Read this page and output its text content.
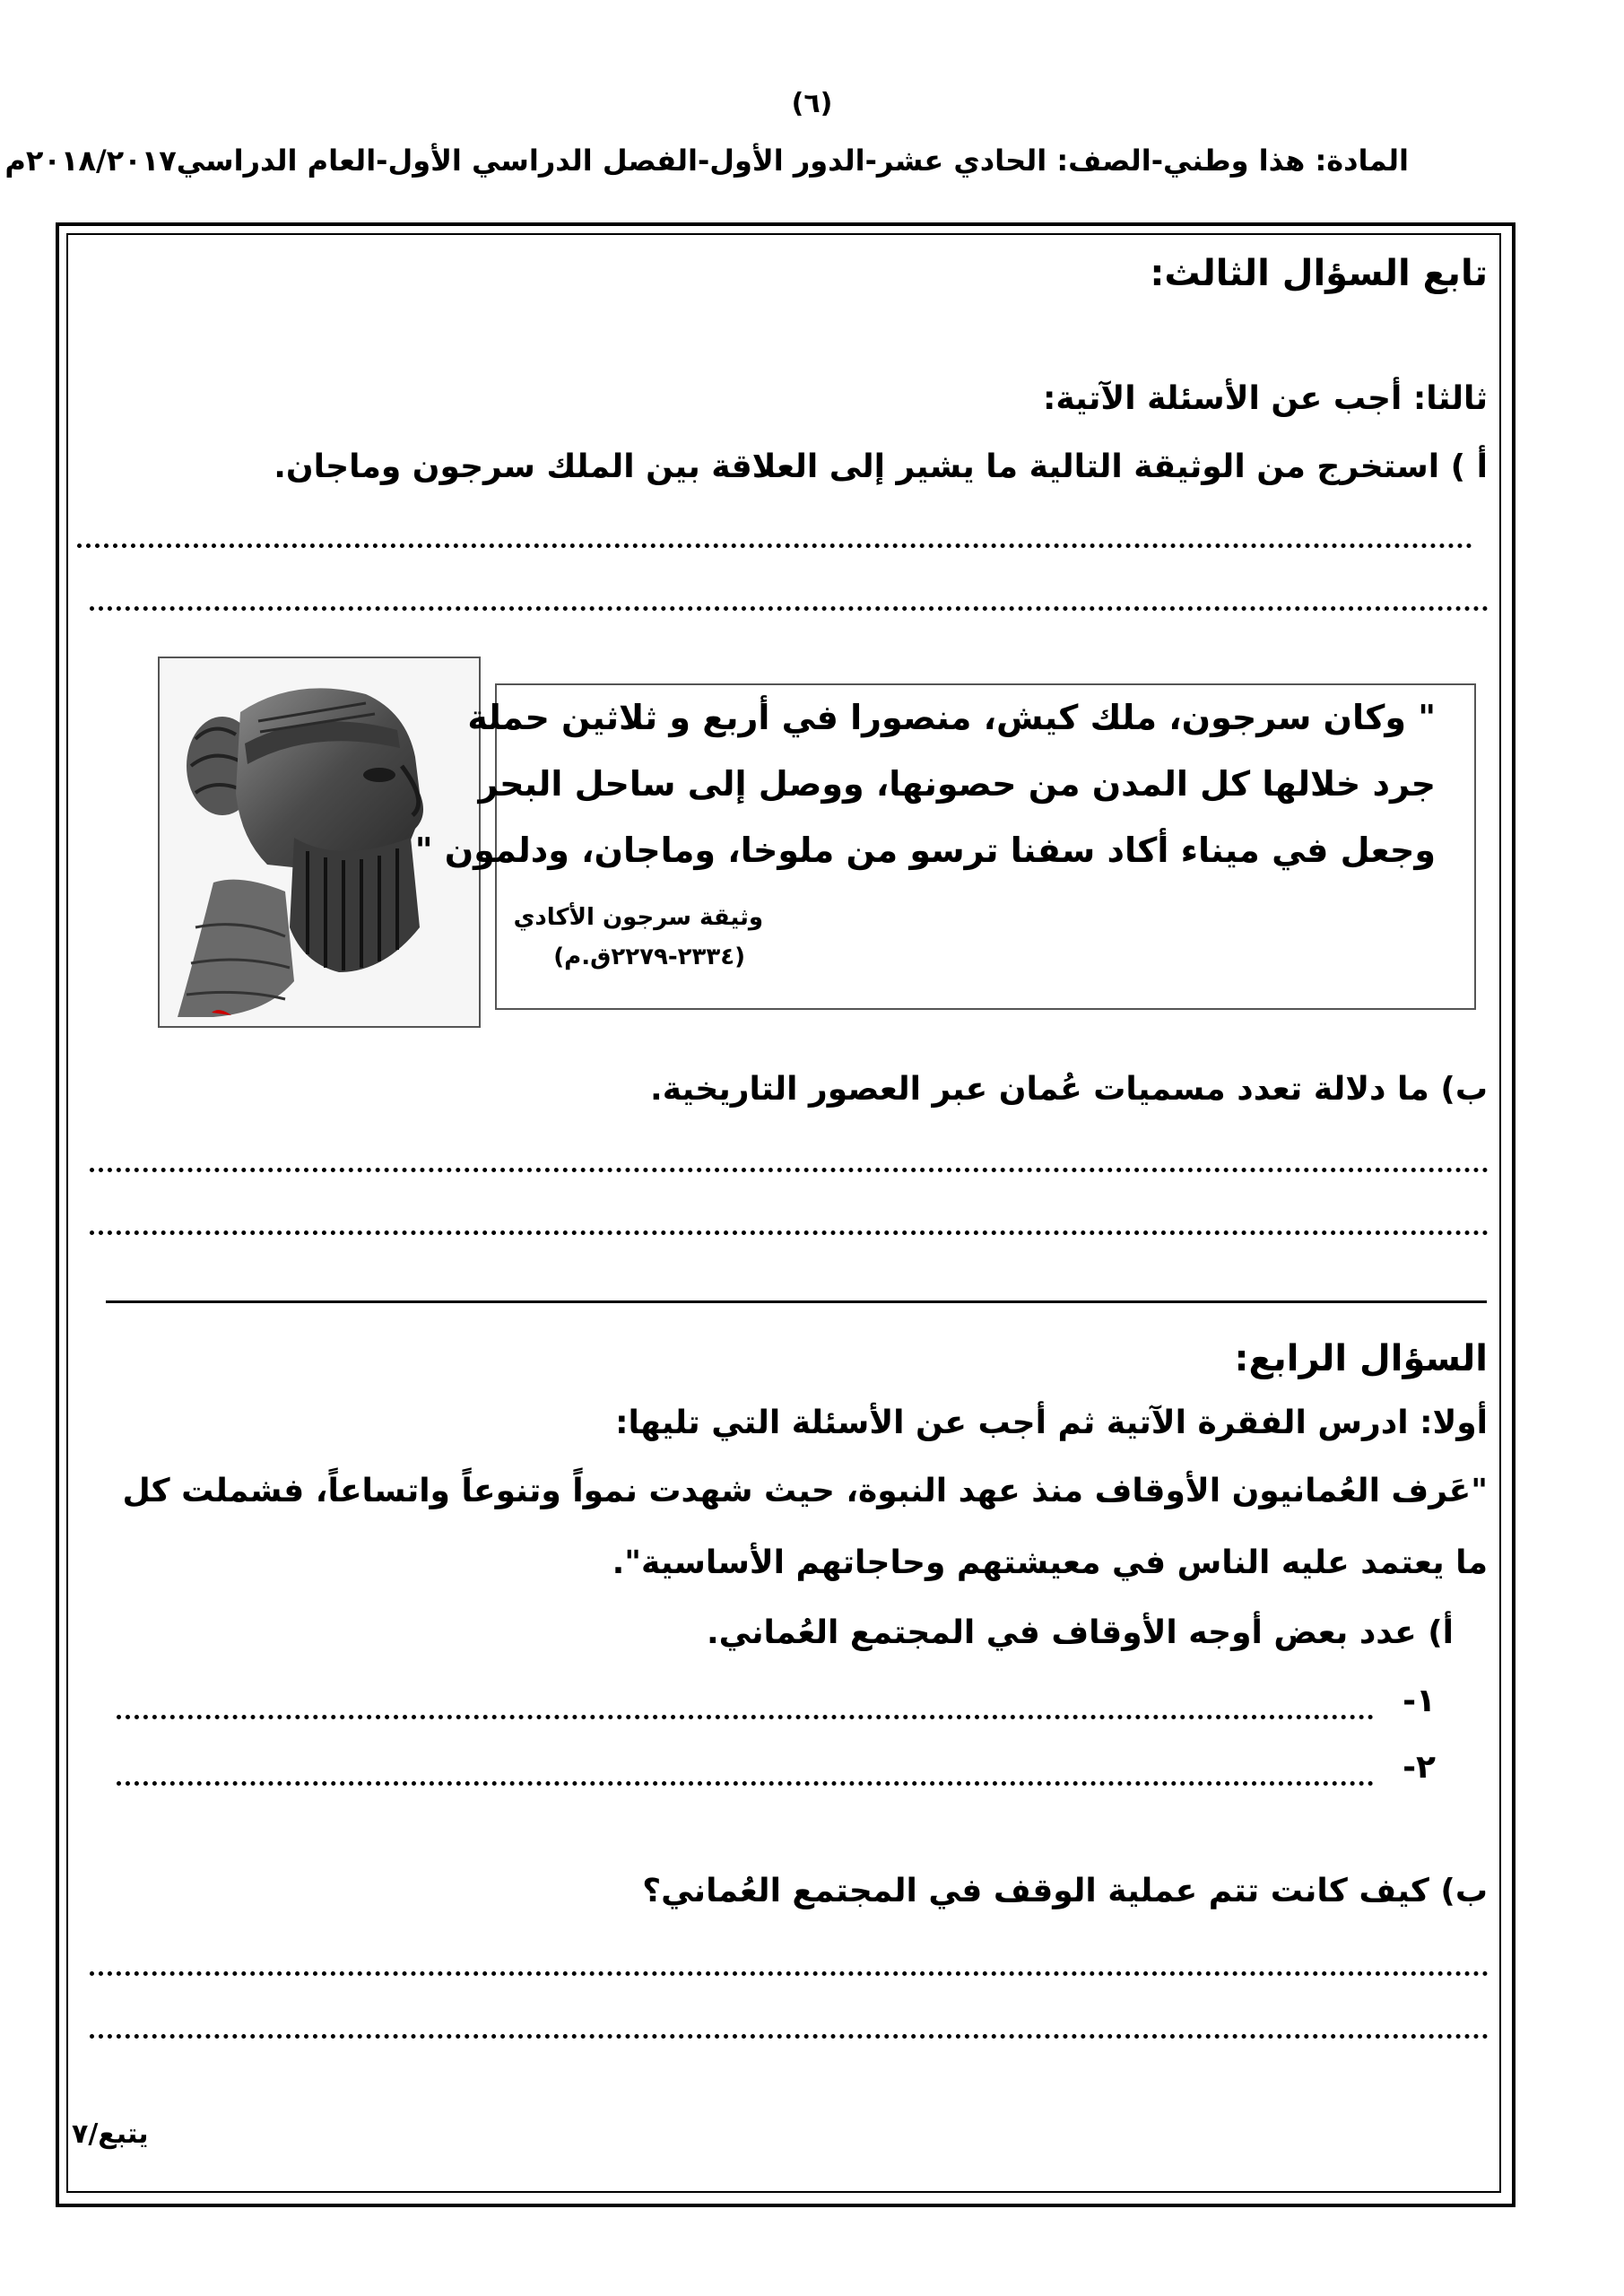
(٦)
المادة: هذا وطني-الصف: الحادي عشر-الدور الأول-الفصل الدراسي الأول-العام الدراسي٢٠١٨/٢٠١٧م
تابع السؤال الثالث:
ثالثا: أجب عن الأسئلة الآتية:
أ ) استخرج من الوثيقة التالية ما يشير إلى العلاقة بين الملك سرجون وماجان.
" وكان سرجون، ملك كيش، منصورا في أربع و ثلاثين حملة
جرد خلالها كل المدن من حصونها، ووصل إلى ساحل البحر
وجعل في ميناء أكاد سفنا ترسو من ملوخا، وماجان، ودلمون "
وثيقة سرجون الأكادي
(٢٣٣٤-٢٢٧٩ق.م)
ب) ما دلالة تعدد مسميات عُمان عبر العصور التاريخية.
السؤال الرابع:
أولا: ادرس الفقرة الآتية ثم أجب عن الأسئلة التي تليها:
"عَرف العُمانيون الأوقاف منذ عهد النبوة، حيث شهدت نمواً وتنوعاً واتساعاً، فشملت كل
ما يعتمد عليه الناس في معيشتهم وحاجاتهم الأساسية".
أ) عدد بعض أوجه الأوقاف في المجتمع العُماني.
١-
٢-
ب) كيف كانت تتم عملية الوقف في المجتمع العُماني؟
يتبع/٧
